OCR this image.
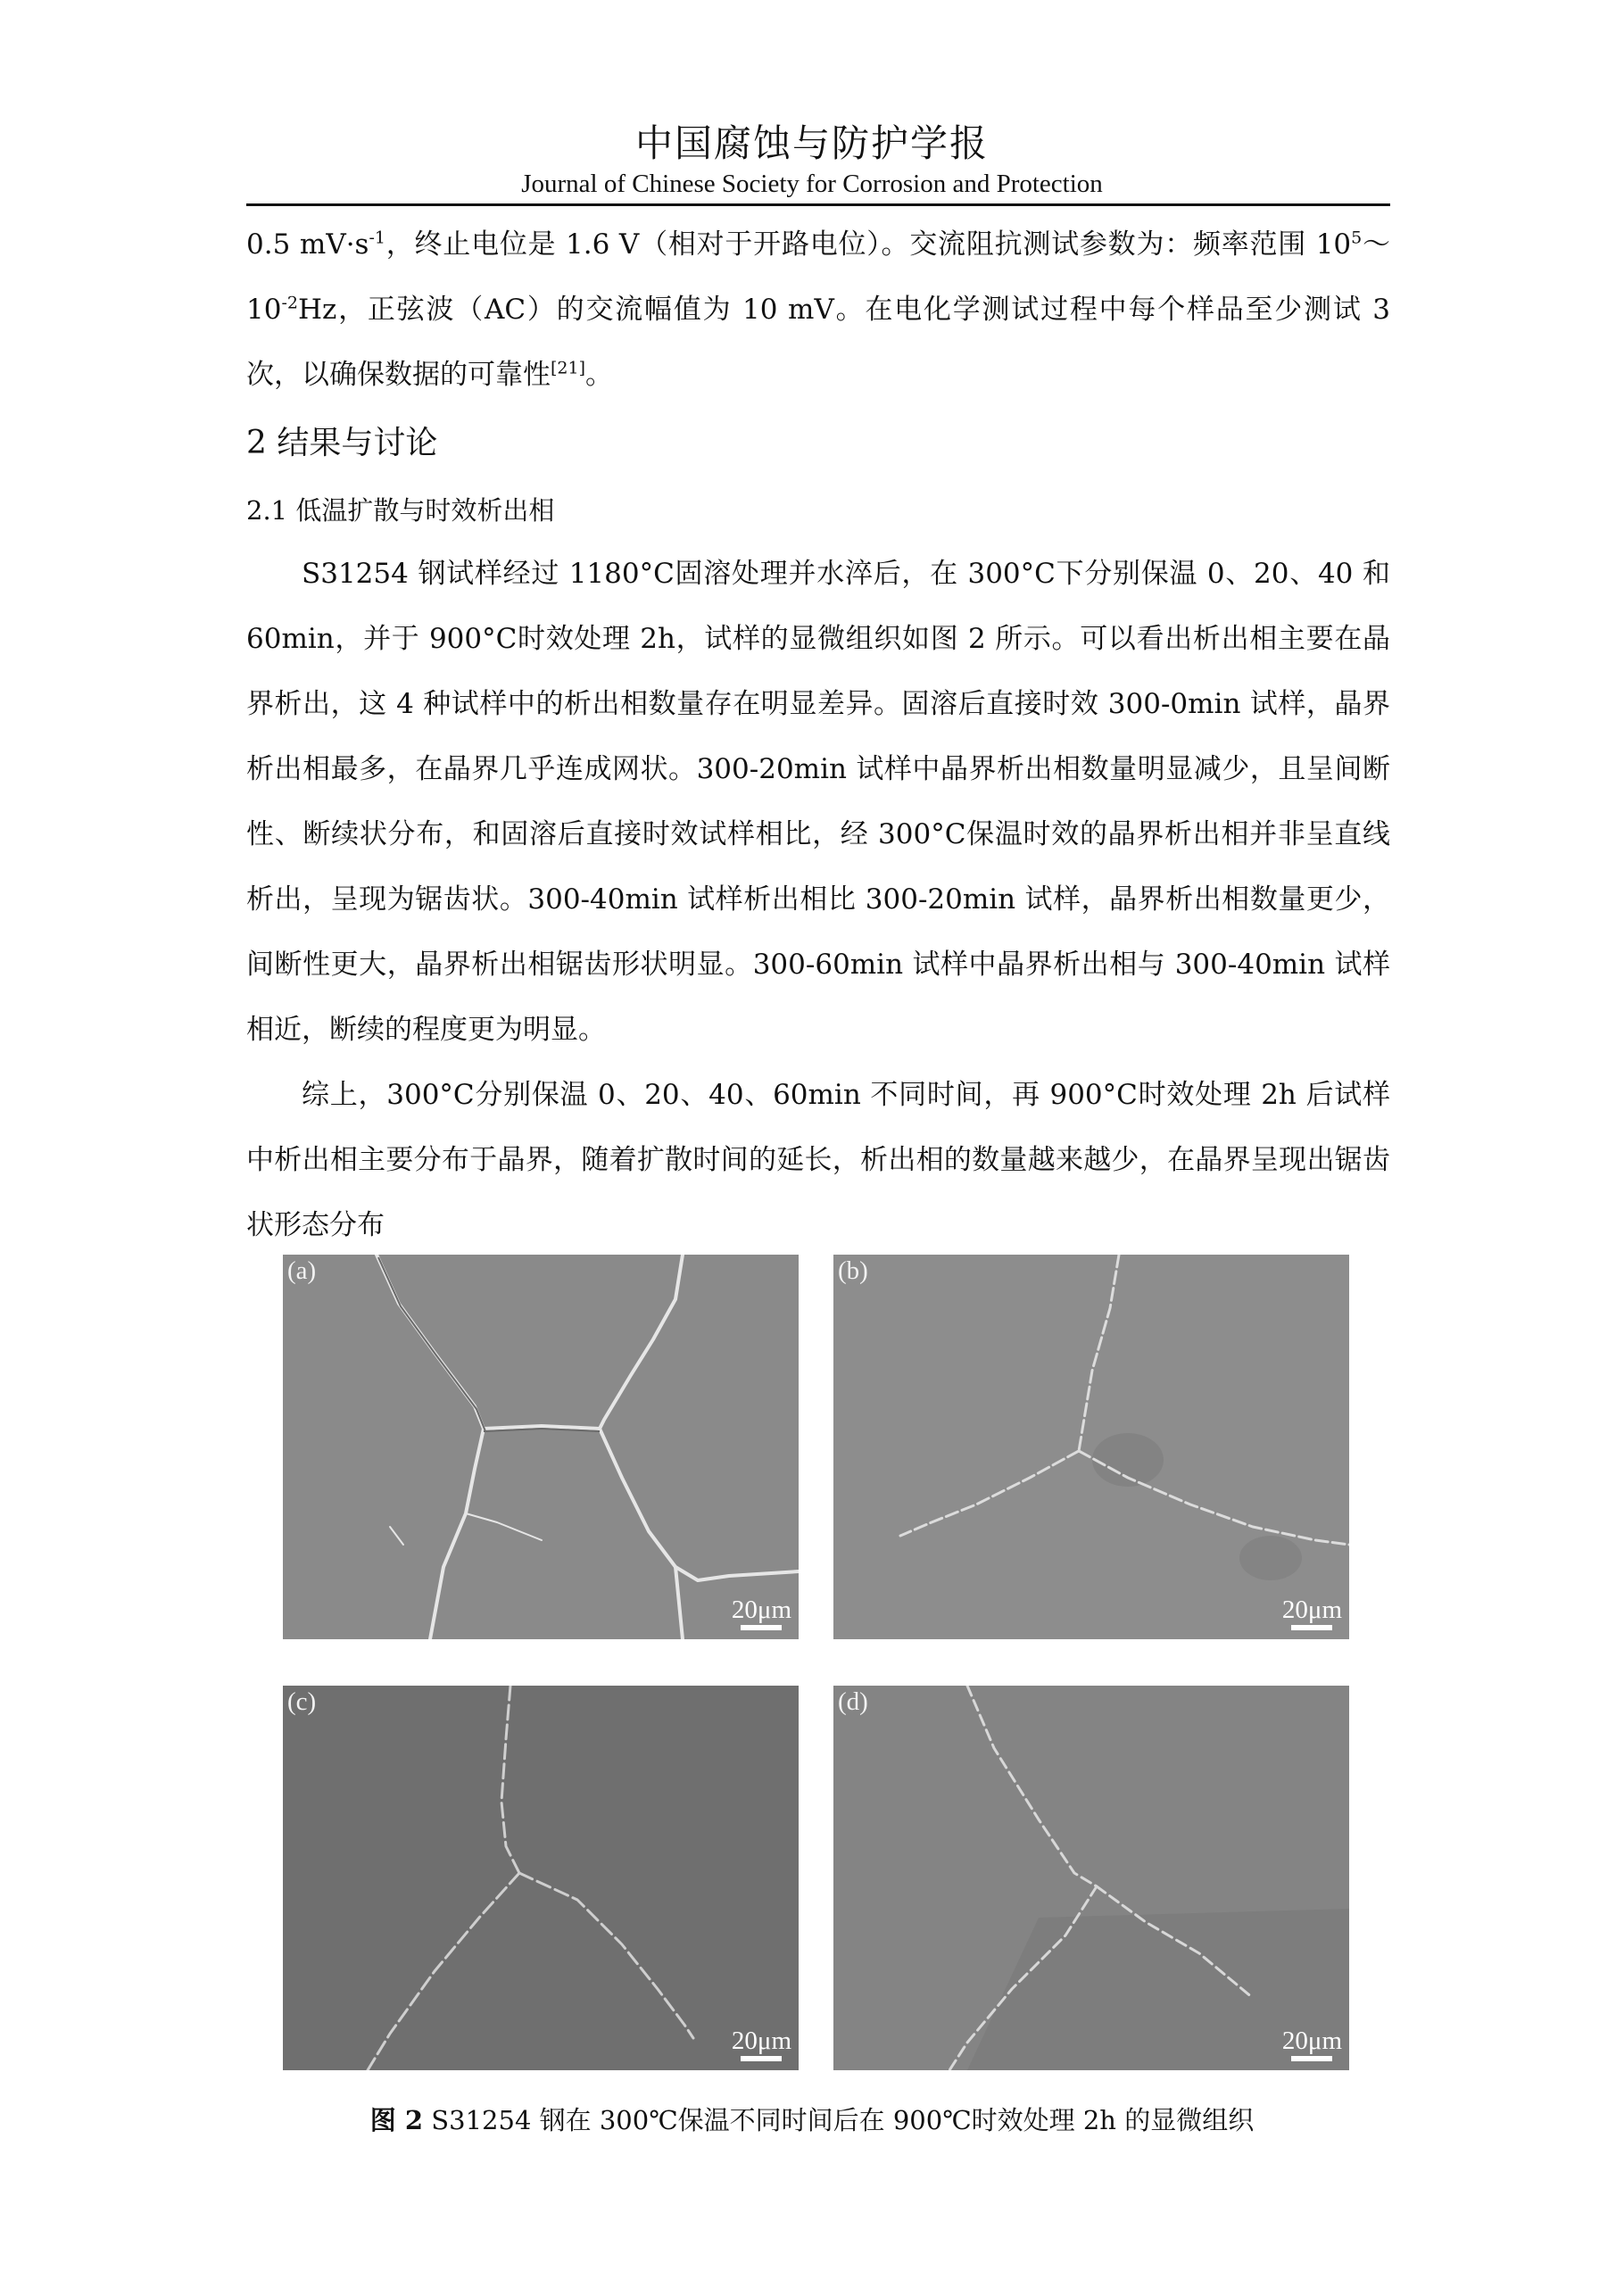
中国腐蚀与防护学报
Journal of Chinese Society for Corrosion and Protection

0.5 $mV\cdot s^{-1}$，终止电位是 1.6 V（相对于开路电位）。交流阻抗测试参数为：频率范围 $10^5\sim 10^{-2}Hz$，正弦波（AC）的交流幅值为 10 mV。在电化学测试过程中每个样品至少测试 3 次，以确保数据的可靠性[21]。

2 结果与讨论

2.1 低温扩散与时效析出相

S31254 钢试样经过 1180°C固溶处理并水淬后，在 300°C下分别保温 0、20、40 和 60min，并于 900°C时效处理 2h，试样的显微组织如图 2 所示。可以看出析出相主要在晶界析出，这 4 种试样中的析出相数量存在明显差异。固溶后直接时效 300-0min 试样，晶界析出相最多，在晶界几乎连成网状。300-20min 试样中晶界析出相数量明显减少，且呈间断性、断续状分布，和固溶后直接时效试样相比，经 300°C保温时效的晶界析出相并非呈直线析出，呈现为锯齿状。300-40min 试样析出相比 300-20min 试样，晶界析出相数量更少，间断性更大，晶界析出相锯齿形状明显。300-60min 试样中晶界析出相与 300-40min 试样相近，断续的程度更为明显。

综上，300°C分别保温 0、20、40、60min 不同时间，再 900°C时效处理 2h 后试样中析出相主要分布于晶界，随着扩散时间的延长，析出相的数量越来越少，在晶界呈现出锯齿状形态分布

(a)
20μm
(b)
20μm
(c)
20μm
(d)
20μm
图 2 S31254 钢在 300℃保温不同时间后在 900℃时效处理 2h 的显微组织
